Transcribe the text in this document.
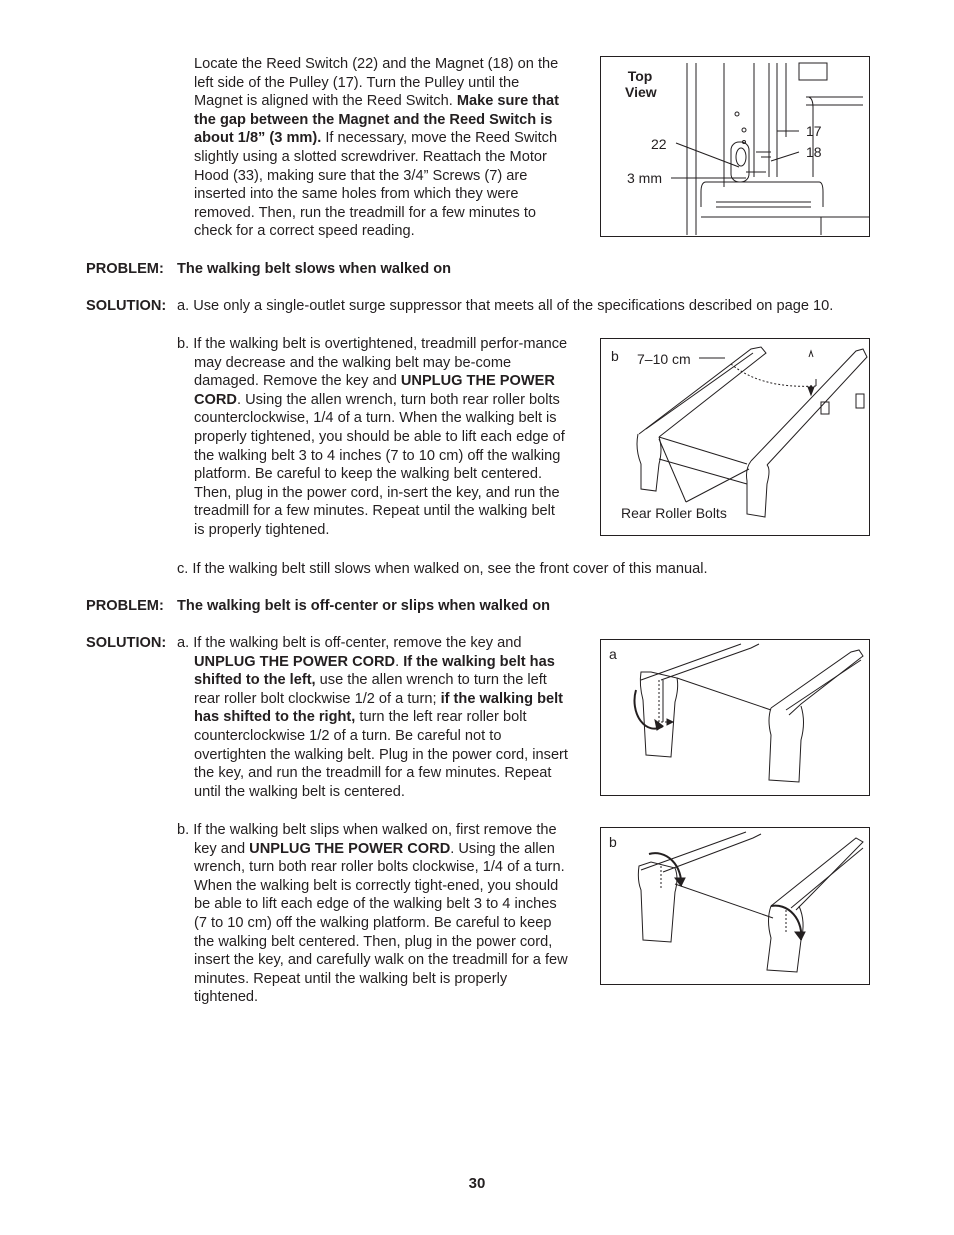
Locate the Reed Switch (22) and the Magnet (18) on the left side of the Pulley (17). Turn the Pulley until the Magnet is aligned with the Reed Switch. Make sure that the gap between the Magnet and the Reed Switch is about 1/8” (3 mm). If necessary, move the Reed Switch slightly using a slotted screwdriver. Reattach the Motor Hood (33), making sure that the 3/4” Screws (7) are inserted into the same holes from which they were removed. Then, run the treadmill for a few minutes to check for a correct speed reading.

Top
View
22
3 mm
17
18
PROBLEM: The walking belt slows when walked on
SOLUTION: a. Use only a single-outlet surge suppressor that meets all of the specifications described on page 10.

b. If the walking belt is overtightened, treadmill perfor-mance may decrease and the walking belt may be-come damaged. Remove the key and UNPLUG THE POWER CORD. Using the allen wrench, turn both rear roller bolts counterclockwise, 1/4 of a turn. When the walking belt is properly tightened, you should be able to lift each edge of the walking belt 3 to 4 inches (7 to 10 cm) off the walking platform. Be careful to keep the walking belt centered. Then, plug in the power cord, in-sert the key, and run the treadmill for a few minutes. Repeat until the walking belt is properly tightened.

b 7–10 cm
Rear Roller Bolts

c. If the walking belt still slows when walked on, see the front cover of this manual.

PROBLEM: The walking belt is off-center or slips when walked on
SOLUTION: a. If the walking belt is off-center, remove the key and UNPLUG THE POWER CORD. If the walking belt has shifted to the left, use the allen wrench to turn the left rear roller bolt clockwise 1/2 of a turn; if the walking belt has shifted to the right, turn the left rear roller bolt counterclockwise 1/2 of a turn. Be careful not to overtighten the walking belt. Plug in the power cord, insert the key, and run the treadmill for a few minutes. Repeat until the walking belt is centered.

a

b. If the walking belt slips when walked on, first remove the key and UNPLUG THE POWER CORD. Using the allen wrench, turn both rear roller bolts clockwise, 1/4 of a turn. When the walking belt is correctly tight-ened, you should be able to lift each edge of the walking belt 3 to 4 inches (7 to 10 cm) off the walking platform. Be careful to keep the walking belt centered. Then, plug in the power cord, insert the key, and carefully walk on the treadmill for a few minutes. Repeat until the walking belt is properly tightened.

b
30
